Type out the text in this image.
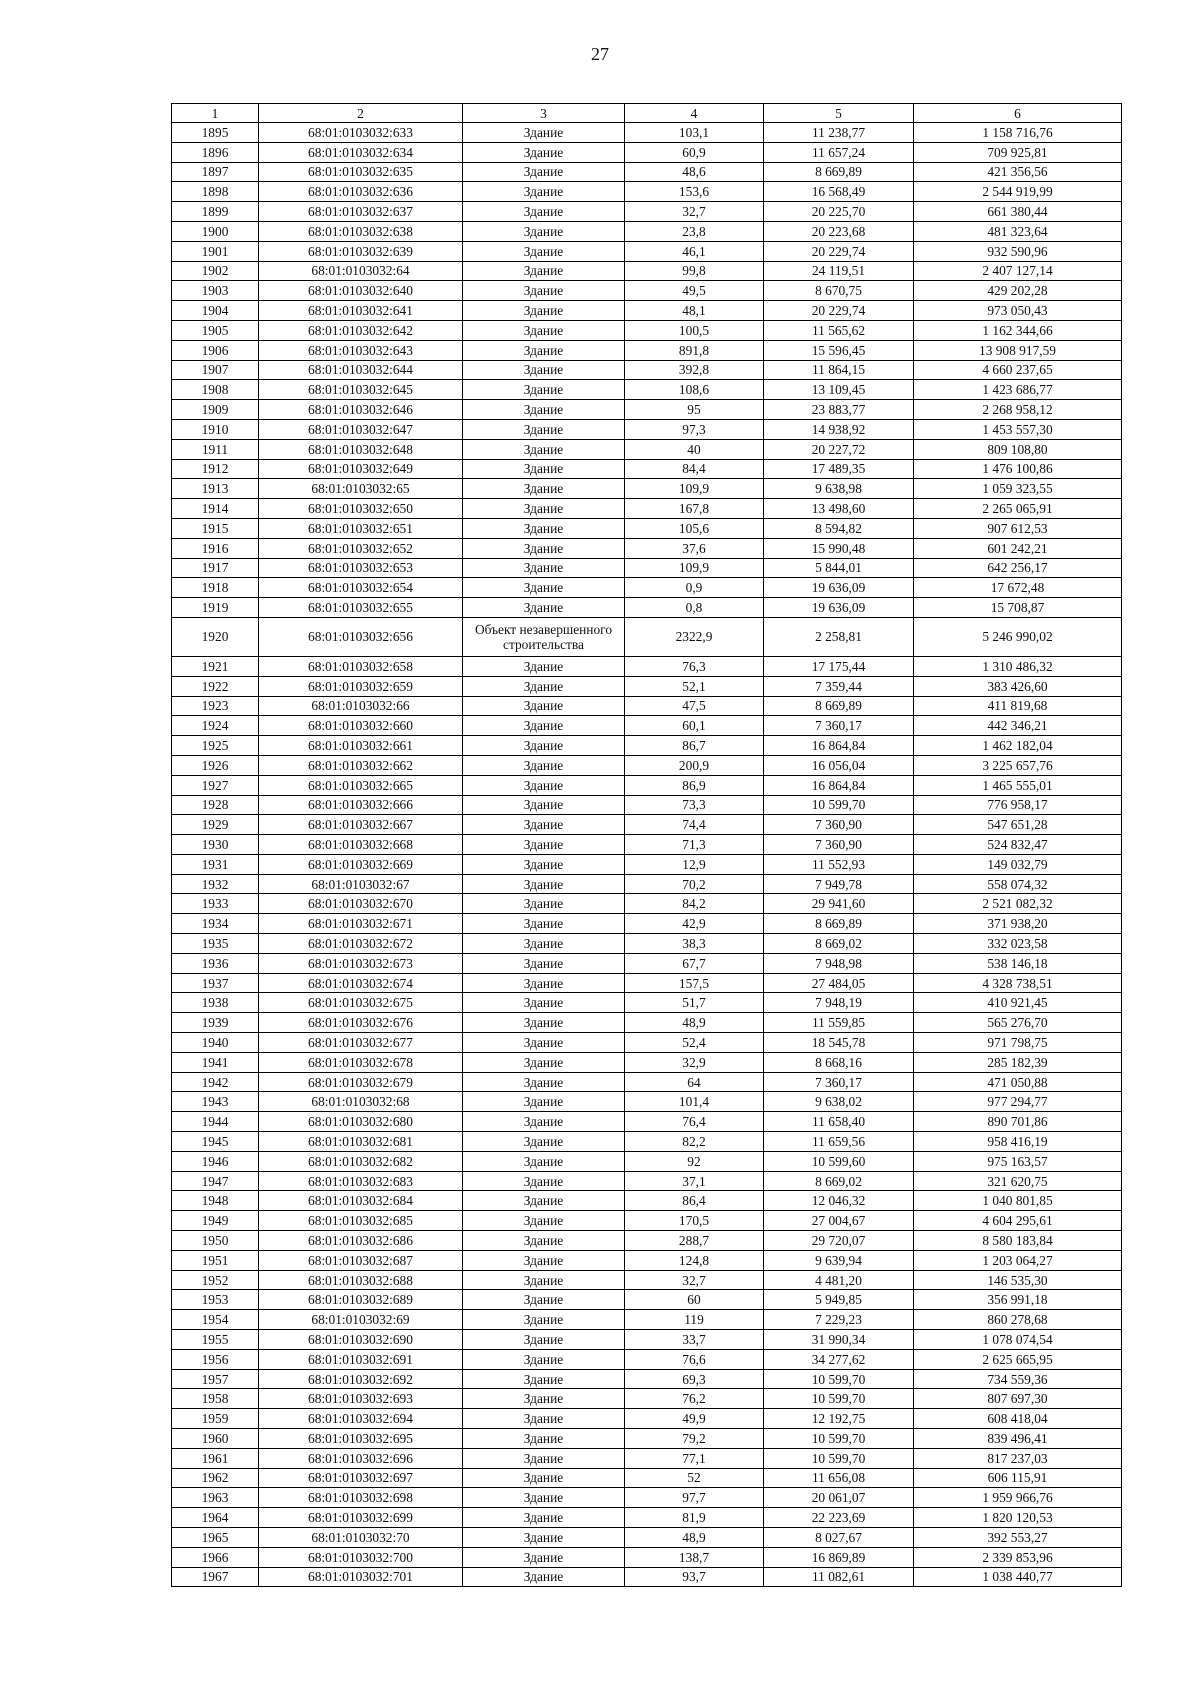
27
1	2	3	4	5	6
1895	68:01:0103032:633	Здание	103,1	11 238,77	1 158 716,76
1896	68:01:0103032:634	Здание	60,9	11 657,24	709 925,81
1897	68:01:0103032:635	Здание	48,6	8 669,89	421 356,56
1898	68:01:0103032:636	Здание	153,6	16 568,49	2 544 919,99
1899	68:01:0103032:637	Здание	32,7	20 225,70	661 380,44
1900	68:01:0103032:638	Здание	23,8	20 223,68	481 323,64
1901	68:01:0103032:639	Здание	46,1	20 229,74	932 590,96
1902	68:01:0103032:64	Здание	99,8	24 119,51	2 407 127,14
1903	68:01:0103032:640	Здание	49,5	8 670,75	429 202,28
1904	68:01:0103032:641	Здание	48,1	20 229,74	973 050,43
1905	68:01:0103032:642	Здание	100,5	11 565,62	1 162 344,66
1906	68:01:0103032:643	Здание	891,8	15 596,45	13 908 917,59
1907	68:01:0103032:644	Здание	392,8	11 864,15	4 660 237,65
1908	68:01:0103032:645	Здание	108,6	13 109,45	1 423 686,77
1909	68:01:0103032:646	Здание	95	23 883,77	2 268 958,12
1910	68:01:0103032:647	Здание	97,3	14 938,92	1 453 557,30
1911	68:01:0103032:648	Здание	40	20 227,72	809 108,80
1912	68:01:0103032:649	Здание	84,4	17 489,35	1 476 100,86
1913	68:01:0103032:65	Здание	109,9	9 638,98	1 059 323,55
1914	68:01:0103032:650	Здание	167,8	13 498,60	2 265 065,91
1915	68:01:0103032:651	Здание	105,6	8 594,82	907 612,53
1916	68:01:0103032:652	Здание	37,6	15 990,48	601 242,21
1917	68:01:0103032:653	Здание	109,9	5 844,01	642 256,17
1918	68:01:0103032:654	Здание	0,9	19 636,09	17 672,48
1919	68:01:0103032:655	Здание	0,8	19 636,09	15 708,87
1920	68:01:0103032:656	Объект незавершенного строительства	2322,9	2 258,81	5 246 990,02
1921	68:01:0103032:658	Здание	76,3	17 175,44	1 310 486,32
1922	68:01:0103032:659	Здание	52,1	7 359,44	383 426,60
1923	68:01:0103032:66	Здание	47,5	8 669,89	411 819,68
1924	68:01:0103032:660	Здание	60,1	7 360,17	442 346,21
1925	68:01:0103032:661	Здание	86,7	16 864,84	1 462 182,04
1926	68:01:0103032:662	Здание	200,9	16 056,04	3 225 657,76
1927	68:01:0103032:665	Здание	86,9	16 864,84	1 465 555,01
1928	68:01:0103032:666	Здание	73,3	10 599,70	776 958,17
1929	68:01:0103032:667	Здание	74,4	7 360,90	547 651,28
1930	68:01:0103032:668	Здание	71,3	7 360,90	524 832,47
1931	68:01:0103032:669	Здание	12,9	11 552,93	149 032,79
1932	68:01:0103032:67	Здание	70,2	7 949,78	558 074,32
1933	68:01:0103032:670	Здание	84,2	29 941,60	2 521 082,32
1934	68:01:0103032:671	Здание	42,9	8 669,89	371 938,20
1935	68:01:0103032:672	Здание	38,3	8 669,02	332 023,58
1936	68:01:0103032:673	Здание	67,7	7 948,98	538 146,18
1937	68:01:0103032:674	Здание	157,5	27 484,05	4 328 738,51
1938	68:01:0103032:675	Здание	51,7	7 948,19	410 921,45
1939	68:01:0103032:676	Здание	48,9	11 559,85	565 276,70
1940	68:01:0103032:677	Здание	52,4	18 545,78	971 798,75
1941	68:01:0103032:678	Здание	32,9	8 668,16	285 182,39
1942	68:01:0103032:679	Здание	64	7 360,17	471 050,88
1943	68:01:0103032:68	Здание	101,4	9 638,02	977 294,77
1944	68:01:0103032:680	Здание	76,4	11 658,40	890 701,86
1945	68:01:0103032:681	Здание	82,2	11 659,56	958 416,19
1946	68:01:0103032:682	Здание	92	10 599,60	975 163,57
1947	68:01:0103032:683	Здание	37,1	8 669,02	321 620,75
1948	68:01:0103032:684	Здание	86,4	12 046,32	1 040 801,85
1949	68:01:0103032:685	Здание	170,5	27 004,67	4 604 295,61
1950	68:01:0103032:686	Здание	288,7	29 720,07	8 580 183,84
1951	68:01:0103032:687	Здание	124,8	9 639,94	1 203 064,27
1952	68:01:0103032:688	Здание	32,7	4 481,20	146 535,30
1953	68:01:0103032:689	Здание	60	5 949,85	356 991,18
1954	68:01:0103032:69	Здание	119	7 229,23	860 278,68
1955	68:01:0103032:690	Здание	33,7	31 990,34	1 078 074,54
1956	68:01:0103032:691	Здание	76,6	34 277,62	2 625 665,95
1957	68:01:0103032:692	Здание	69,3	10 599,70	734 559,36
1958	68:01:0103032:693	Здание	76,2	10 599,70	807 697,30
1959	68:01:0103032:694	Здание	49,9	12 192,75	608 418,04
1960	68:01:0103032:695	Здание	79,2	10 599,70	839 496,41
1961	68:01:0103032:696	Здание	77,1	10 599,70	817 237,03
1962	68:01:0103032:697	Здание	52	11 656,08	606 115,91
1963	68:01:0103032:698	Здание	97,7	20 061,07	1 959 966,76
1964	68:01:0103032:699	Здание	81,9	22 223,69	1 820 120,53
1965	68:01:0103032:70	Здание	48,9	8 027,67	392 553,27
1966	68:01:0103032:700	Здание	138,7	16 869,89	2 339 853,96
1967	68:01:0103032:701	Здание	93,7	11 082,61	1 038 440,77
